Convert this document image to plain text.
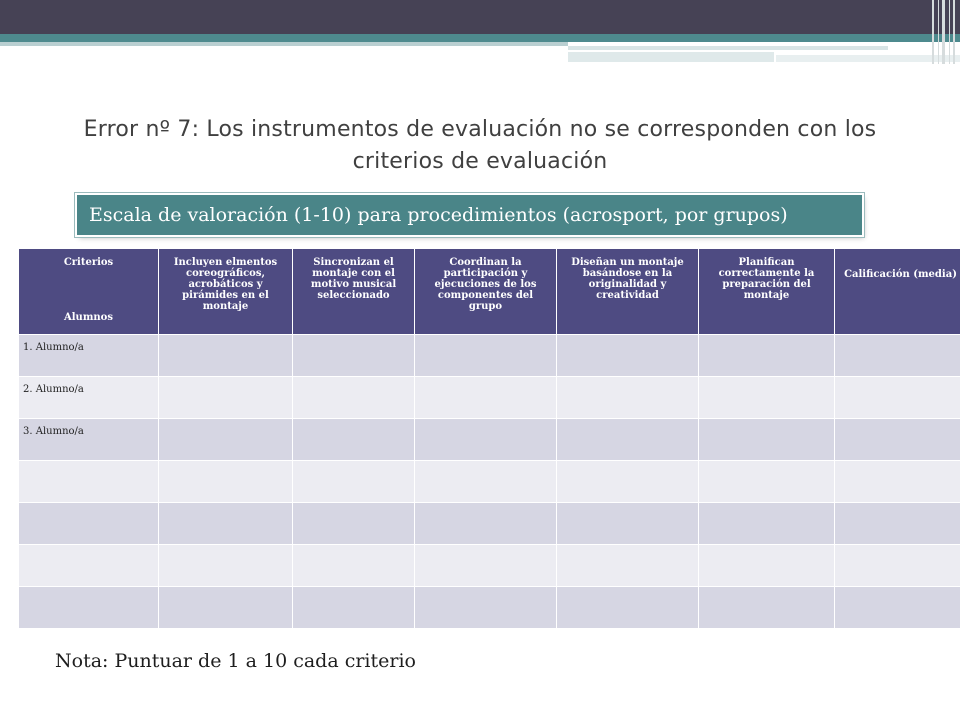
Error nº 7: Los instrumentos de evaluación no se corresponden con los criterios de evaluación
Escala de valoración (1-10) para procedimientos (acrosport, por grupos)
Criterios
Alumnos	Incluyen elmentos coreográficos, acrobáticos y pirámides en el montaje	Sincronizan el montaje con el motivo musical seleccionado	Coordinan la participación y ejecuciones de los componentes del grupo	Diseñan un montaje basándose en la originalidad y creatividad	Planifican correctamente la preparación del montaje	Calificación (media)
1. Alumno/a						
2. Alumno/a						
3. Alumno/a						

Nota: Puntuar de 1 a 10 cada criterio
